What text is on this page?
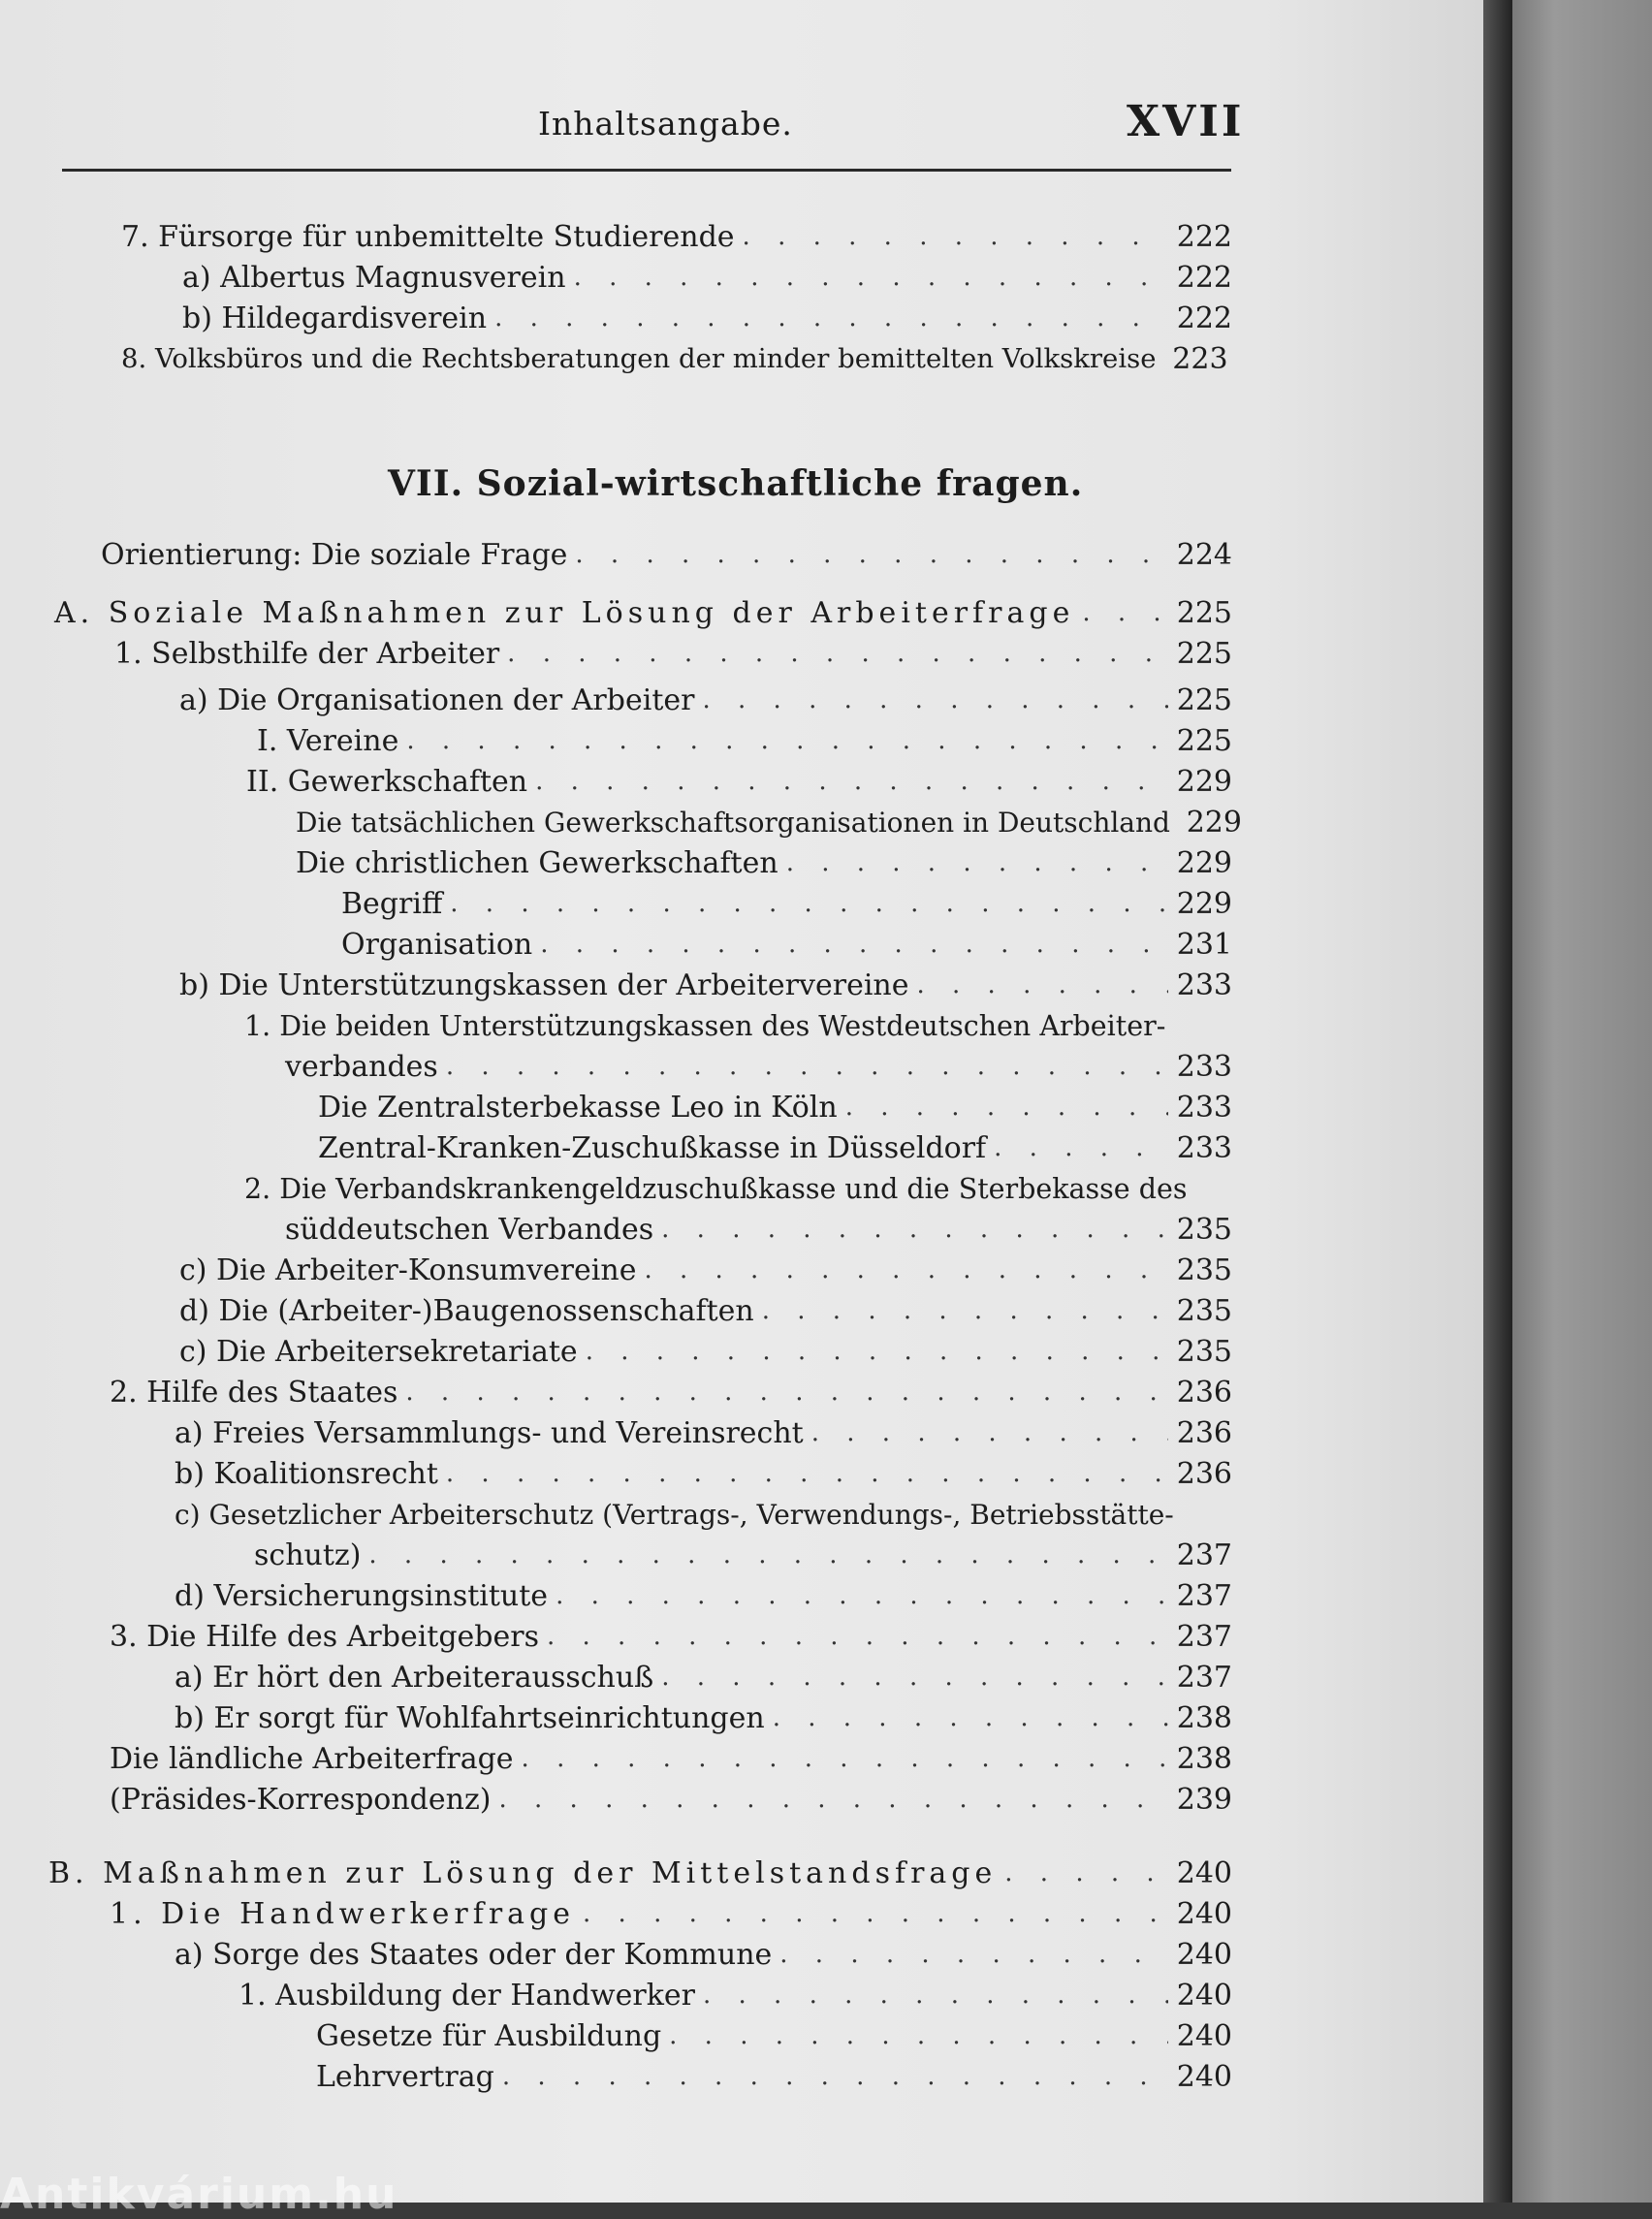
Inhaltsangabe.	XVII
7. Fürsorge für unbemittelte Studierende . . .	222
a) Albertus Magnusverein . . .	222
b) Hildegardisverein . . .	222
8. Volksbüros und die Rechtsberatungen der minder bemittelten Volkskreise 223
VII. Sozial-wirtschaftliche fragen.
Orientierung: Die soziale Frage . . .	224
A. Soziale Maßnahmen zur Lösung der Arbeiterfrage . . .	225
1. Selbsthilfe der Arbeiter . . .	225
a) Die Organisationen der Arbeiter . . .	225
I. Vereine . . .	225
II. Gewerkschaften . . .	229
Die tatsächlichen Gewerkschaftsorganisationen in Deutschland 229
Die christlichen Gewerkschaften . . .	229
Begriff . . .	229
Organisation . . .	231
b) Die Unterstützungskassen der Arbeitervereine . . .	233
1. Die beiden Unterstützungskassen des Westdeutschen Arbeiter-
verbandes . . .	233
Die Zentralsterbekasse Leo in Köln . . .	233
Zentral-Kranken-Zuschußkasse in Düsseldorf . . .	233
2. Die Verbandskrankengeldzuschußkasse und die Sterbekasse des
süddeutschen Verbandes . . .	235
c) Die Arbeiter-Konsumvereine . . .	235
d) Die (Arbeiter-)Baugenossenschaften . . .	235
c) Die Arbeitersekretariate . . .	235
2. Hilfe des Staates . . .	236
a) Freies Versammlungs- und Vereinsrecht . . .	236
b) Koalitionsrecht . . .	236
c) Gesetzlicher Arbeiterschutz (Vertrags-, Verwendungs-, Betriebsstätte-
schutz) . . .	237
d) Versicherungsinstitute . . .	237
3. Die Hilfe des Arbeitgebers . . .	237
a) Er hört den Arbeiterausschuß . . .	237
b) Er sorgt für Wohlfahrtseinrichtungen . . .	238
Die ländliche Arbeiterfrage . . .	238
(Präsides-Korrespondenz) . . .	239
B. Maßnahmen zur Lösung der Mittelstandsfrage . . .	240
1. Die Handwerkerfrage . . .	240
a) Sorge des Staates oder der Kommune . . .	240
1. Ausbildung der Handwerker . . .	240
Gesetze für Ausbildung . . .	240
Lehrvertrag . . .	240
Antikvárium.hu
